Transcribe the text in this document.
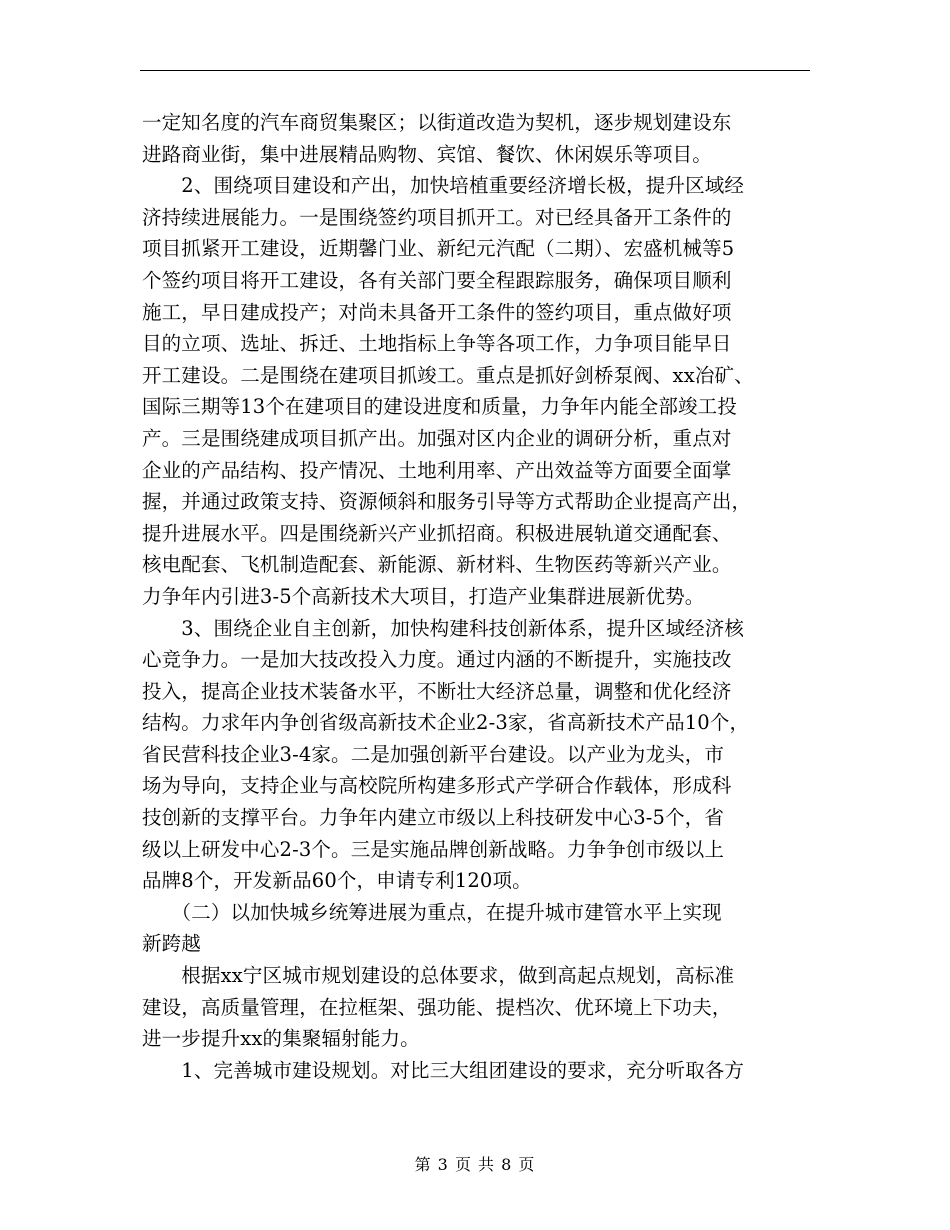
一定知名度的汽车商贸集聚区；以街道改造为契机，逐步规划建设东
进路商业街，集中进展精品购物、宾馆、餐饮、休闲娱乐等项目。
　　2、围绕项目建设和产出，加快培植重要经济增长极，提升区域经
济持续进展能力。一是围绕签约项目抓开工。对已经具备开工条件的
项目抓紧开工建设，近期馨门业、新纪元汽配（二期）、宏盛机械等5
个签约项目将开工建设，各有关部门要全程跟踪服务，确保项目顺利
施工，早日建成投产；对尚未具备开工条件的签约项目，重点做好项
目的立项、选址、拆迁、土地指标上争等各项工作，力争项目能早日
开工建设。二是围绕在建项目抓竣工。重点是抓好剑桥泵阀、xx冶矿、
国际三期等13个在建项目的建设进度和质量，力争年内能全部竣工投
产。三是围绕建成项目抓产出。加强对区内企业的调研分析，重点对
企业的产品结构、投产情况、土地利用率、产出效益等方面要全面掌
握，并通过政策支持、资源倾斜和服务引导等方式帮助企业提高产出，
提升进展水平。四是围绕新兴产业抓招商。积极进展轨道交通配套、
核电配套、飞机制造配套、新能源、新材料、生物医药等新兴产业。
力争年内引进3-5个高新技术大项目，打造产业集群进展新优势。
　　3、围绕企业自主创新，加快构建科技创新体系，提升区域经济核
心竞争力。一是加大技改投入力度。通过内涵的不断提升，实施技改
投入，提高企业技术装备水平，不断壮大经济总量，调整和优化经济
结构。力求年内争创省级高新技术企业2-3家，省高新技术产品10个，
省民营科技企业3-4家。二是加强创新平台建设。以产业为龙头，市
场为导向，支持企业与高校院所构建多形式产学研合作载体，形成科
技创新的支撑平台。力争年内建立市级以上科技研发中心3-5个，省
级以上研发中心2-3个。三是实施品牌创新战略。力争争创市级以上
品牌8个，开发新品60个，申请专利120项。
　　（二）以加快城乡统筹进展为重点，在提升城市建管水平上实现
新跨越
　　根据xx宁区城市规划建设的总体要求，做到高起点规划，高标准
建设，高质量管理，在拉框架、强功能、提档次、优环境上下功夫，
进一步提升xx的集聚辐射能力。
　　1、完善城市建设规划。对比三大组团建设的要求，充分听取各方
第 3 页 共 8 页
